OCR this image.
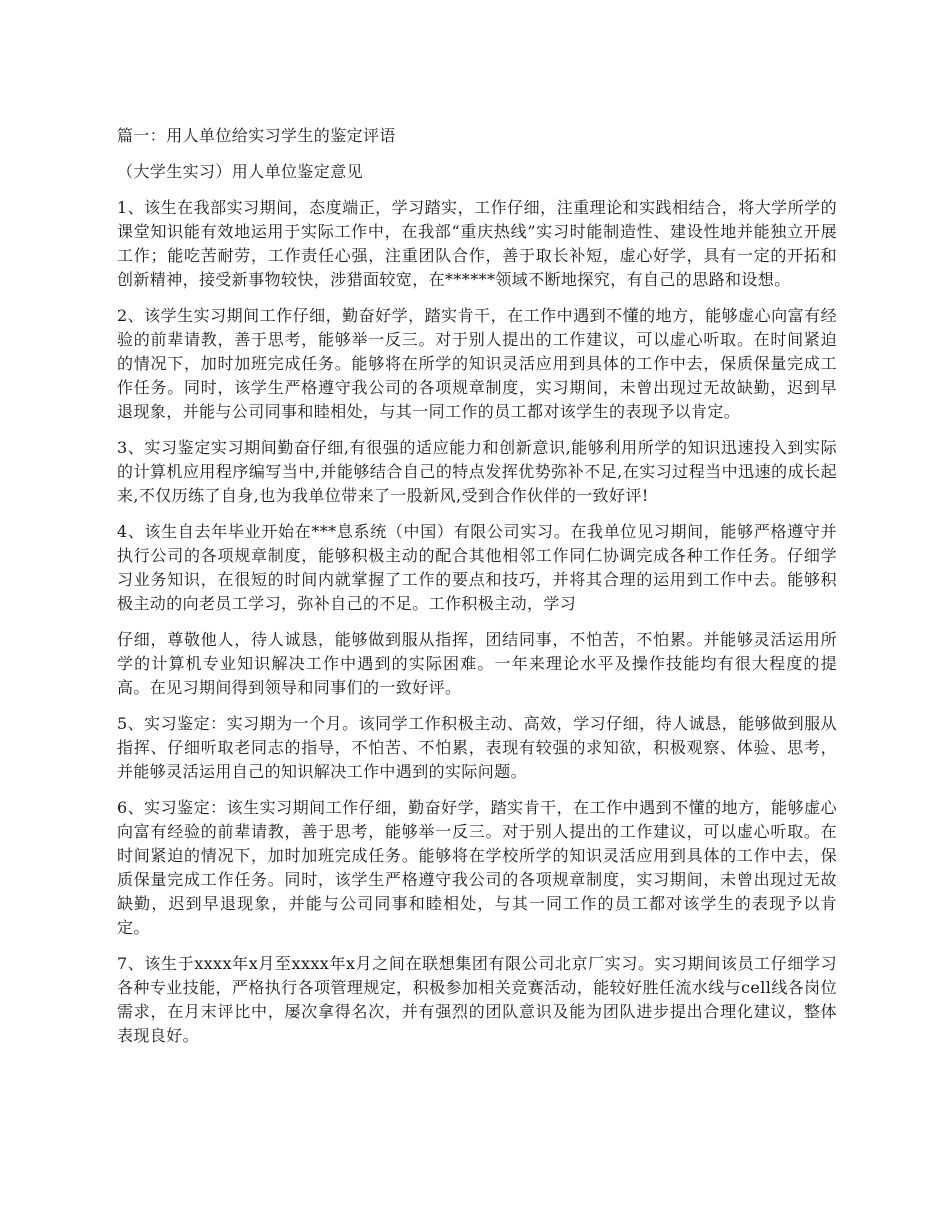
篇一：用人单位给实习学生的鉴定评语

（大学生实习）用人单位鉴定意见

1、该生在我部实习期间，态度端正，学习踏实，工作仔细，注重理论和实践相结合，将大学所学的课堂知识能有效地运用于实际工作中，在我部“重庆热线”实习时能制造性、建设性地并能独立开展工作；能吃苦耐劳，工作责任心强，注重团队合作，善于取长补短，虚心好学，具有一定的开拓和创新精神，接受新事物较快，涉猎面较宽，在******领域不断地探究，有自己的思路和设想。

2、该学生实习期间工作仔细，勤奋好学，踏实肯干，在工作中遇到不懂的地方，能够虚心向富有经验的前辈请教，善于思考，能够举一反三。对于别人提出的工作建议，可以虚心听取。在时间紧迫的情况下，加时加班完成任务。能够将在所学的知识灵活应用到具体的工作中去，保质保量完成工作任务。同时，该学生严格遵守我公司的各项规章制度，实习期间，未曾出现过无故缺勤，迟到早退现象，并能与公司同事和睦相处，与其一同工作的员工都对该学生的表现予以肯定。

3、实习鉴定实习期间勤奋仔细,有很强的适应能力和创新意识,能够利用所学的知识迅速投入到实际的计算机应用程序编写当中,并能够结合自己的特点发挥优势弥补不足,在实习过程当中迅速的成长起来,不仅历练了自身,也为我单位带来了一股新风,受到合作伙伴的一致好评!

4、该生自去年毕业开始在***息系统（中国）有限公司实习。在我单位见习期间，能够严格遵守并执行公司的各项规章制度，能够积极主动的配合其他相邻工作同仁协调完成各种工作任务。仔细学习业务知识，在很短的时间内就掌握了工作的要点和技巧，并将其合理的运用到工作中去。能够积极主动的向老员工学习，弥补自己的不足。工作积极主动，学习

仔细，尊敬他人，待人诚恳，能够做到服从指挥，团结同事，不怕苦，不怕累。并能够灵活运用所学的计算机专业知识解决工作中遇到的实际困难。一年来理论水平及操作技能均有很大程度的提高。在见习期间得到领导和同事们的一致好评。

5、实习鉴定：实习期为一个月。该同学工作积极主动、高效，学习仔细，待人诚恳，能够做到服从指挥、仔细听取老同志的指导，不怕苦、不怕累，表现有较强的求知欲，积极观察、体验、思考，并能够灵活运用自己的知识解决工作中遇到的实际问题。

6、实习鉴定：该生实习期间工作仔细，勤奋好学，踏实肯干，在工作中遇到不懂的地方，能够虚心向富有经验的前辈请教，善于思考，能够举一反三。对于别人提出的工作建议，可以虚心听取。在时间紧迫的情况下，加时加班完成任务。能够将在学校所学的知识灵活应用到具体的工作中去，保质保量完成工作任务。同时，该学生严格遵守我公司的各项规章制度，实习期间，未曾出现过无故缺勤，迟到早退现象，并能与公司同事和睦相处，与其一同工作的员工都对该学生的表现予以肯定。

7、该生于xxxx年x月至xxxx年x月之间在联想集团有限公司北京厂实习。实习期间该员工仔细学习各种专业技能，严格执行各项管理规定，积极参加相关竞赛活动，能较好胜任流水线与cell线各岗位需求，在月末评比中，屡次拿得名次，并有强烈的团队意识及能为团队进步提出合理化建议，整体表现良好。
